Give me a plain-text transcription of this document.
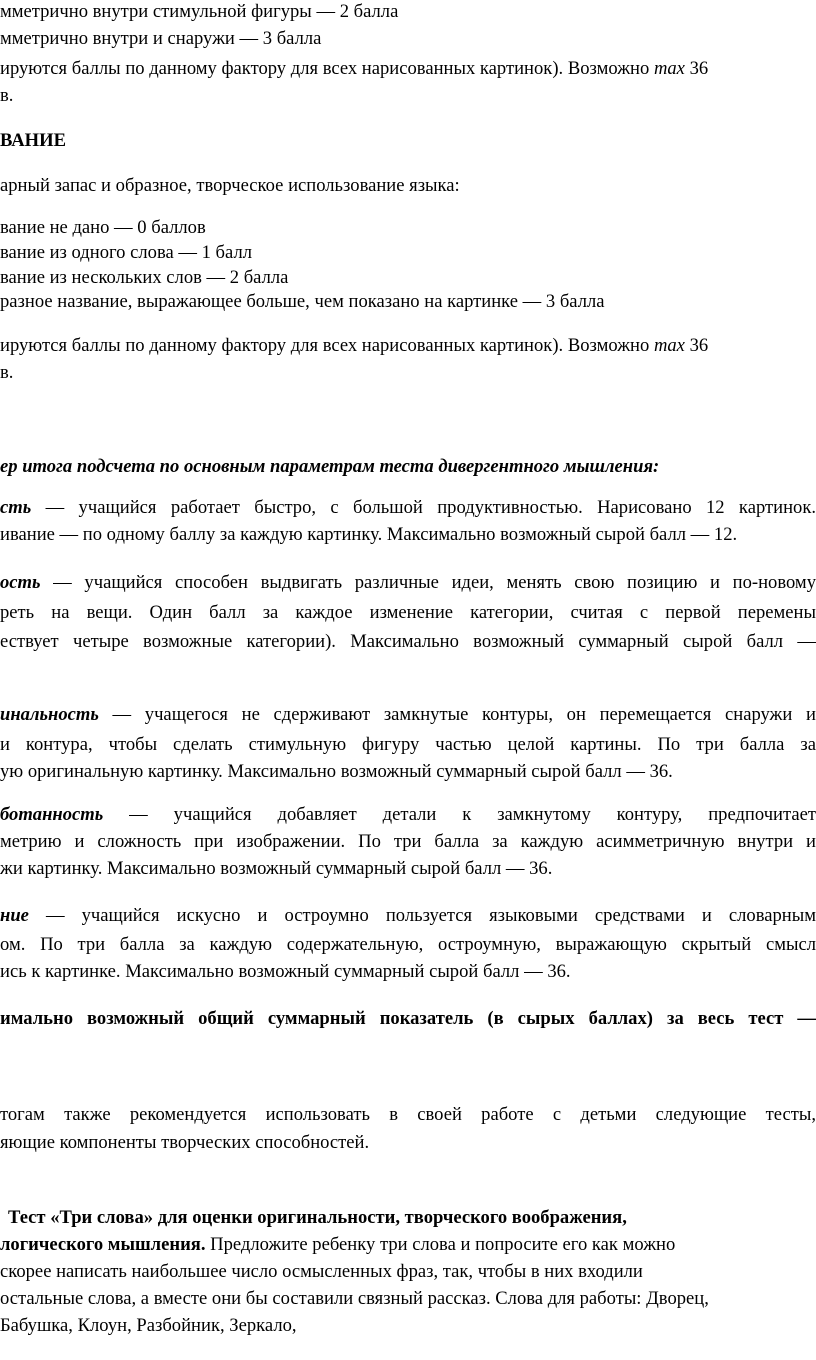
мметрично внутри стимульной фигуры — 2 балла
мметрично внутри и снаружи — 3 балла
ируются баллы по данному фактору для всех нарисованных картинок). Возможно max 36
в.
ВАНИЕ
арный запас и образное, творческое использование языка:
вание не дано — 0 баллов
вание из одного слова — 1 балл
вание из нескольких слов — 2 балла
разное название, выражающее больше, чем показано на картинке — 3 балла
ируются баллы по данному фактору для всех нарисованных картинок). Возможно max 36
в.
ер итога подсчета по основным параметрам теста дивергентного мышления:
сть — учащийся работает быстро, с большой продуктивностью. Нарисовано 12 картинок.
ивание — по одному баллу за каждую картинку. Максимально возможный сырой балл — 12.
ость — учащийся способен выдвигать различные идеи, менять свою позицию и по-новому
реть на вещи. Один балл за каждое изменение категории, считая с первой перемены
ествует четыре возможные категории). Максимально возможный суммарный сырой балл —
инальность — учащегося не сдерживают замкнутые контуры, он перемещается снаружи и
и контура, чтобы сделать стимульную фигуру частью целой картины. По три балла за
ую оригинальную картинку. Максимально возможный суммарный сырой балл — 36.
ботанность — учащийся добавляет детали к замкнутому контуру, предпочитает
метрию и сложность при изображении. По три балла за каждую асимметричную внутри и
жи картинку. Максимально возможный суммарный сырой балл — 36.
ние — учащийся искусно и остроумно пользуется языковыми средствами и словарным
ом. По три балла за каждую содержательную, остроумную, выражающую скрытый смысл
ись к картинке. Максимально возможный суммарный сырой балл — 36.
имально возможный общий суммарный показатель (в сырых баллах) за весь тест —
тогам также рекомендуется использовать в своей работе с детьми следующие тесты,
яющие компоненты творческих способностей.
Тест «Три слова» для оценки оригинальности, творческого воображения,
логического мышления. Предложите ребенку три слова и попросите его как можно
скорее написать наибольшее число осмысленных фраз, так, чтобы в них входили
остальные слова, а вместе они бы составили связный рассказ. Слова для работы: Дворец,
Бабушка, Клоун, Разбойник, Зеркало,
